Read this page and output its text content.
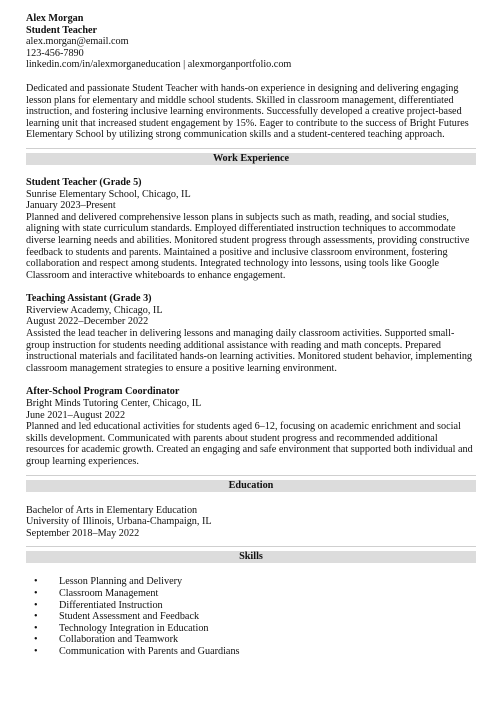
Alex Morgan
Student Teacher
alex.morgan@email.com
123-456-7890
linkedin.com/in/alexmorganeducation | alexmorganportfolio.com
Dedicated and passionate Student Teacher with hands-on experience in designing and delivering engaging lesson plans for elementary and middle school students. Skilled in classroom management, differentiated instruction, and fostering inclusive learning environments. Successfully developed a creative project-based learning unit that increased student engagement by 15%. Eager to contribute to the success of Bright Futures Elementary School by utilizing strong communication skills and a student-centered teaching approach.
Work Experience
Student Teacher (Grade 5)
Sunrise Elementary School, Chicago, IL
January 2023–Present
Planned and delivered comprehensive lesson plans in subjects such as math, reading, and social studies, aligning with state curriculum standards. Employed differentiated instruction techniques to accommodate diverse learning needs and abilities. Monitored student progress through assessments, providing constructive feedback to students and parents. Maintained a positive and inclusive classroom environment, fostering collaboration and respect among students. Integrated technology into lessons, using tools like Google Classroom and interactive whiteboards to enhance engagement.
Teaching Assistant (Grade 3)
Riverview Academy, Chicago, IL
August 2022–December 2022
Assisted the lead teacher in delivering lessons and managing daily classroom activities. Supported small-group instruction for students needing additional assistance with reading and math concepts. Prepared instructional materials and facilitated hands-on learning activities. Monitored student behavior, implementing classroom management strategies to ensure a positive learning environment.
After-School Program Coordinator
Bright Minds Tutoring Center, Chicago, IL
June 2021–August 2022
Planned and led educational activities for students aged 6–12, focusing on academic enrichment and social skills development. Communicated with parents about student progress and recommended additional resources for academic growth. Created an engaging and safe environment that supported both individual and group learning experiences.
Education
Bachelor of Arts in Elementary Education
University of Illinois, Urbana-Champaign, IL
September 2018–May 2022
Skills
• Lesson Planning and Delivery
• Classroom Management
• Differentiated Instruction
• Student Assessment and Feedback
• Technology Integration in Education
• Collaboration and Teamwork
• Communication with Parents and Guardians
